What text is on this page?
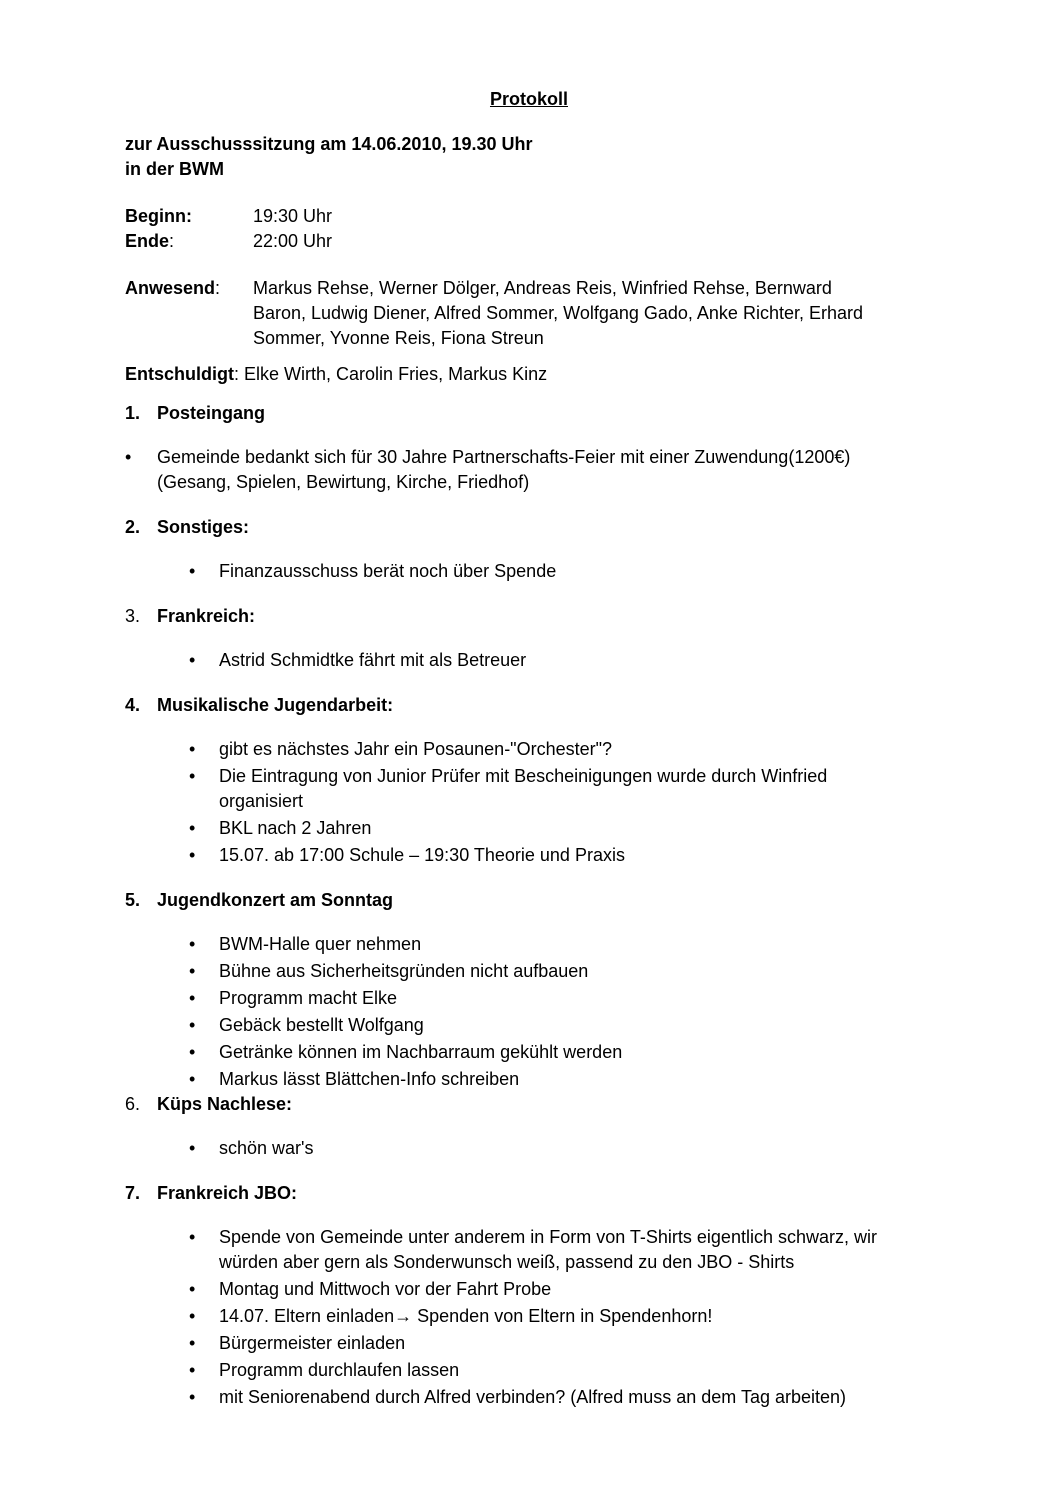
Protokoll

zur Ausschusssitzung am 14.06.2010, 19.30 Uhr
in der BWM

Beginn:	19:30 Uhr
Ende:	22:00 Uhr
Anwesend:	Markus Rehse, Werner Dölger, Andreas Reis, Winfried Rehse, Bernward
Baron, Ludwig Diener, Alfred Sommer, Wolfgang Gado, Anke Richter, Erhard
Sommer, Yvonne Reis, Fiona Streun

Entschuldigt: Elke Wirth, Carolin Fries, Markus Kinz

1. Posteingang
•	Gemeinde bedankt sich für 30 Jahre Partnerschafts-Feier mit einer Zuwendung(1200€)
(Gesang, Spielen, Bewirtung, Kirche, Friedhof)
2. Sonstiges:
•	Finanzausschuss berät noch über Spende
3. Frankreich:
•	Astrid Schmidtke fährt mit als Betreuer
4. Musikalische Jugendarbeit:
•	gibt es nächstes Jahr ein Posaunen-"Orchester"?
•	Die Eintragung von Junior Prüfer mit Bescheinigungen wurde durch Winfried
organisiert
•	BKL nach 2 Jahren
•	15.07. ab 17:00 Schule – 19:30 Theorie und Praxis
5. Jugendkonzert am Sonntag
•	BWM-Halle quer nehmen
•	Bühne aus Sicherheitsgründen nicht aufbauen
•	Programm macht Elke
•	Gebäck bestellt Wolfgang
•	Getränke können im Nachbarraum gekühlt werden
•	Markus lässt Blättchen-Info schreiben
6. Küps Nachlese:
•	schön war's
7. Frankreich JBO:
•	Spende von Gemeinde unter anderem in Form von T-Shirts eigentlich schwarz, wir
würden aber gern als Sonderwunsch weiß, passend zu den JBO - Shirts
•	Montag und Mittwoch vor der Fahrt Probe
•	14.07. Eltern einladen→ Spenden von Eltern in Spendenhorn!
•	Bürgermeister einladen
•	Programm durchlaufen lassen
•	mit Seniorenabend durch Alfred verbinden? (Alfred muss an dem Tag arbeiten)
